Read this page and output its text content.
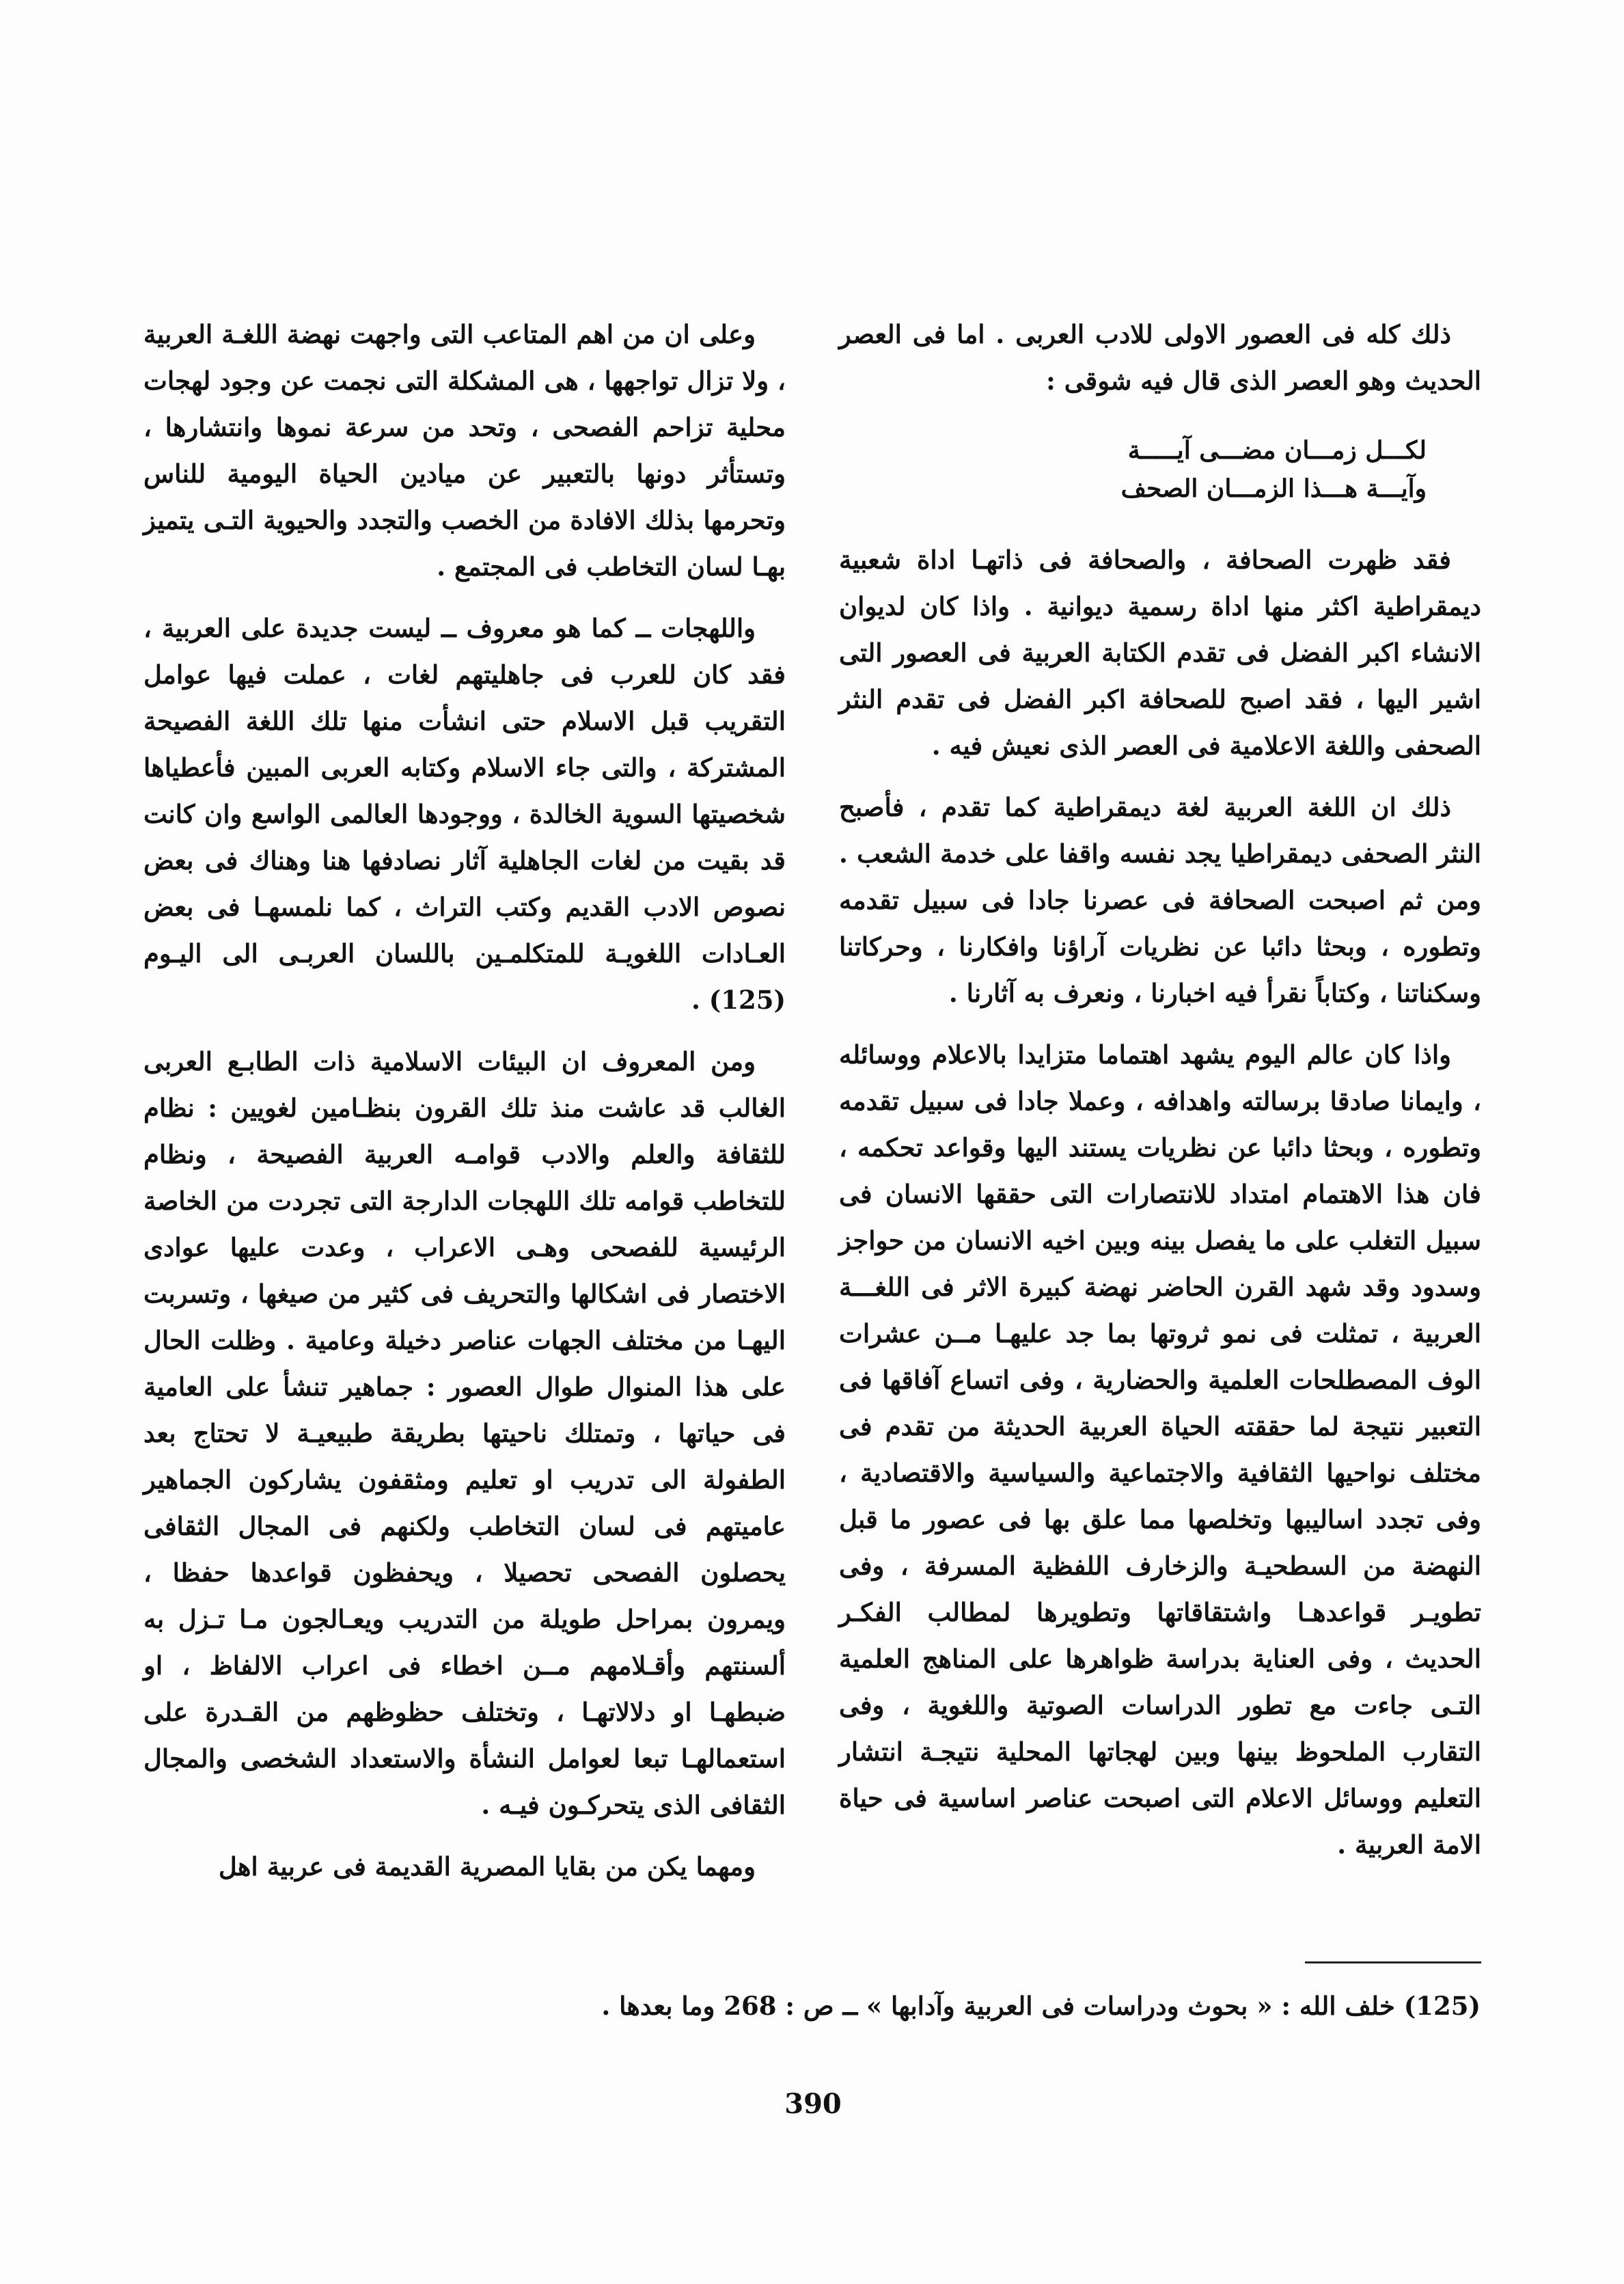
ذلك كله فى العصور الاولى للادب العربى . اما فى العصر الحديث وهو العصر الذى قال فيه شوقى :

لكـــل زمـــان مضـــى آيـــــة
وآيـــة هـــذا الزمـــان الصحف

فقد ظهرت الصحافة ، والصحافة فى ذاتهـا اداة شعبية ديمقراطية اكثر منها اداة رسمية ديوانية . واذا كان لديوان الانشاء اكبر الفضل فى تقدم الكتابة العربية فى العصور التى اشير اليها ، فقد اصبح للصحافة اكبر الفضل فى تقدم النثر الصحفى واللغة الاعلامية فى العصر الذى نعيش فيه .

ذلك ان اللغة العربية لغة ديمقراطية كما تقدم ، فأصبح النثر الصحفى ديمقراطيا يجد نفسه واقفا على خدمة الشعب . ومن ثم اصبحت الصحافة فى عصرنا جادا فى سبيل تقدمه وتطوره ، وبحثا دائبا عن نظريات آراؤنا وافكارنا ، وحركاتنا وسكناتنا ، وكتاباً نقرأ فيه اخبارنا ، ونعرف به آثارنا .

واذا كان عالم اليوم يشهد اهتماما متزايدا بالاعلام ووسائله ، وايمانا صادقا برسالته واهدافه ، وعملا جادا فى سبيل تقدمه وتطوره ، وبحثا دائبا عن نظريات يستند اليها وقواعد تحكمه ، فان هذا الاهتمام امتداد للانتصارات التى حققها الانسان فى سبيل التغلب على ما يفصل بينه وبين اخيه الانسان من حواجز وسدود وقد شهد القرن الحاضر نهضة كبيرة الاثر فى اللغـــة العربية ، تمثلت فى نمو ثروتها بما جد عليهـا مــن عشرات الوف المصطلحات العلمية والحضارية ، وفى اتساع آفاقها فى التعبير نتيجة لما حققته الحياة العربية الحديثة من تقدم فى مختلف نواحيها الثقافية والاجتماعية والسياسية والاقتصادية ، وفى تجدد اساليبها وتخلصها مما علق بها فى عصور ما قبل النهضة من السطحيـة والزخارف اللفظية المسرفة ، وفى تطويـر قواعدهـا واشتقاقاتها وتطويرها لمطالب الفكـر الحديث ، وفى العناية بدراسة ظواهرها على المناهج العلمية التـى جاءت مع تطور الدراسات الصوتية واللغوية ، وفى التقارب الملحوظ بينها وبين لهجاتها المحلية نتيجـة انتشار التعليم ووسائل الاعلام التى اصبحت عناصر اساسية فى حياة الامة العربية .

وعلى ان من اهم المتاعب التى واجهت نهضة اللغـة العربية ، ولا تزال تواجهها ، هى المشكلة التى نجمت عن وجود لهجات محلية تزاحم الفصحى ، وتحد من سرعة نموها وانتشارها ، وتستأثر دونها بالتعبير عن ميادين الحياة اليومية للناس وتحرمها بذلك الافادة من الخصب والتجدد والحيوية التـى يتميز بهـا لسان التخاطب فى المجتمع .

واللهجات ــ كما هو معروف ــ ليست جديدة على العربية ، فقد كان للعرب فى جاهليتهم لغات ، عملت فيها عوامل التقريب قبل الاسلام حتى انشأت منها تلك اللغة الفصيحة المشتركة ، والتى جاء الاسلام وكتابه العربى المبين فأعطياها شخصيتها السوية الخالدة ، ووجودها العالمى الواسع وان كانت قد بقيت من لغات الجاهلية آثار نصادفها هنا وهناك فى بعض نصوص الادب القديم وكتب التراث ، كما نلمسهـا فى بعض العـادات اللغويـة للمتكلمـين باللسان العربـى الى اليـوم (125) .

ومن المعروف ان البيئات الاسلامية ذات الطابـع العربى الغالب قد عاشت منذ تلك القرون بنظـامين لغويين : نظام للثقافة والعلم والادب قوامـه العربية الفصيحة ، ونظام للتخاطب قوامه تلك اللهجات الدارجة التى تجردت من الخاصة الرئيسية للفصحى وهـى الاعراب ، وعدت عليها عوادى الاختصار فى اشكالها والتحريف فى كثير من صيغها ، وتسربت اليهـا من مختلف الجهات عناصر دخيلة وعامية . وظلت الحال على هذا المنوال طوال العصور : جماهير تنشأ على العامية فى حياتها ، وتمتلك ناحيتها بطريقة طبيعيـة لا تحتاج بعد الطفولة الى تدريب او تعليم ومثقفون يشاركون الجماهير عاميتهم فى لسان التخاطب ولكنهم فى المجال الثقافى يحصلون الفصحى تحصيلا ، ويحفظون قواعدها حفظا ، ويمرون بمراحل طويلة من التدريب ويعـالجون مـا تـزل به ألسنتهم وأقـلامهم مــن اخطاء فى اعراب الالفاظ ، او ضبطهـا او دلالاتهـا ، وتختلف حظوظهم من القـدرة على استعمالهـا تبعا لعوامل النشأة والاستعداد الشخصى والمجال الثقافى الذى يتحركـون فيـه .

ومهما يكن من بقايا المصرية القديمة فى عربية اهل

(125) خلف الله : « بحوث ودراسات فى العربية وآدابها » ــ ص : 268 وما بعدها .
390
